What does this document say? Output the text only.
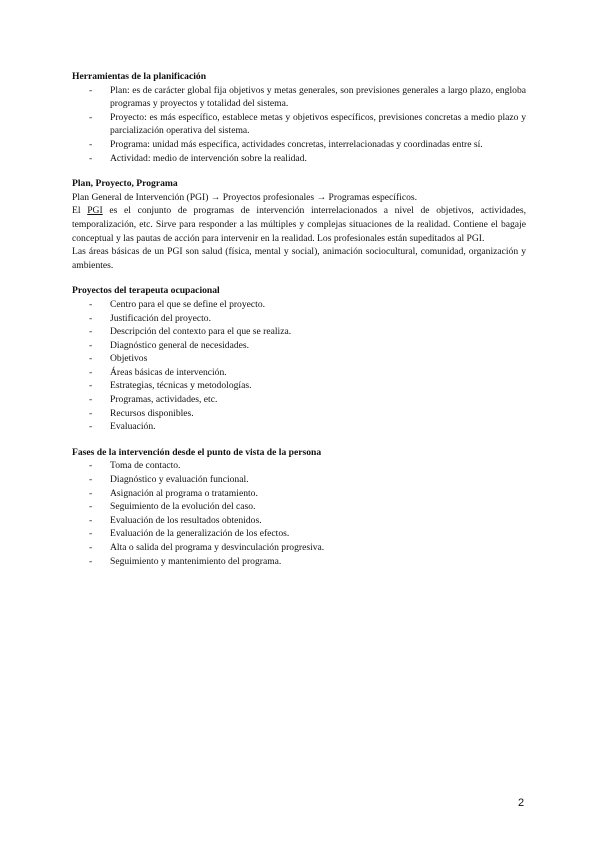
Herramientas de la planificación
- Plan: es de carácter global fija objetivos y metas generales, son previsiones generales a largo plazo, engloba programas y proyectos y totalidad del sistema.
- Proyecto: es más específico, establece metas y objetivos específicos, previsiones concretas a medio plazo y parcialización operativa del sistema.
- Programa: unidad más específica, actividades concretas, interrelacionadas y coordinadas entre sí.
- Actividad: medio de intervención sobre la realidad.
Plan, Proyecto, Programa

Plan General de Intervención (PGI) → Proyectos profesionales → Programas específicos.

El PGI es el conjunto de programas de intervención interrelacionados a nivel de objetivos, actividades, temporalización, etc. Sirve para responder a las múltiples y complejas situaciones de la realidad. Contiene el bagaje conceptual y las pautas de acción para intervenir en la realidad. Los profesionales están supeditados al PGI.

Las áreas básicas de un PGI son salud (física, mental y social), animación sociocultural, comunidad, organización y ambientes.

Proyectos del terapeuta ocupacional
- Centro para el que se define el proyecto.
- Justificación del proyecto.
- Descripción del contexto para el que se realiza.
- Diagnóstico general de necesidades.
- Objetivos
- Áreas básicas de intervención.
- Estrategias, técnicas y metodologías.
- Programas, actividades, etc.
- Recursos disponibles.
- Evaluación.
Fases de la intervención desde el punto de vista de la persona
- Toma de contacto.
- Diagnóstico y evaluación funcional.
- Asignación al programa o tratamiento.
- Seguimiento de la evolución del caso.
- Evaluación de los resultados obtenidos.
- Evaluación de la generalización de los efectos.
- Alta o salida del programa y desvinculación progresiva.
- Seguimiento y mantenimiento del programa.
2
